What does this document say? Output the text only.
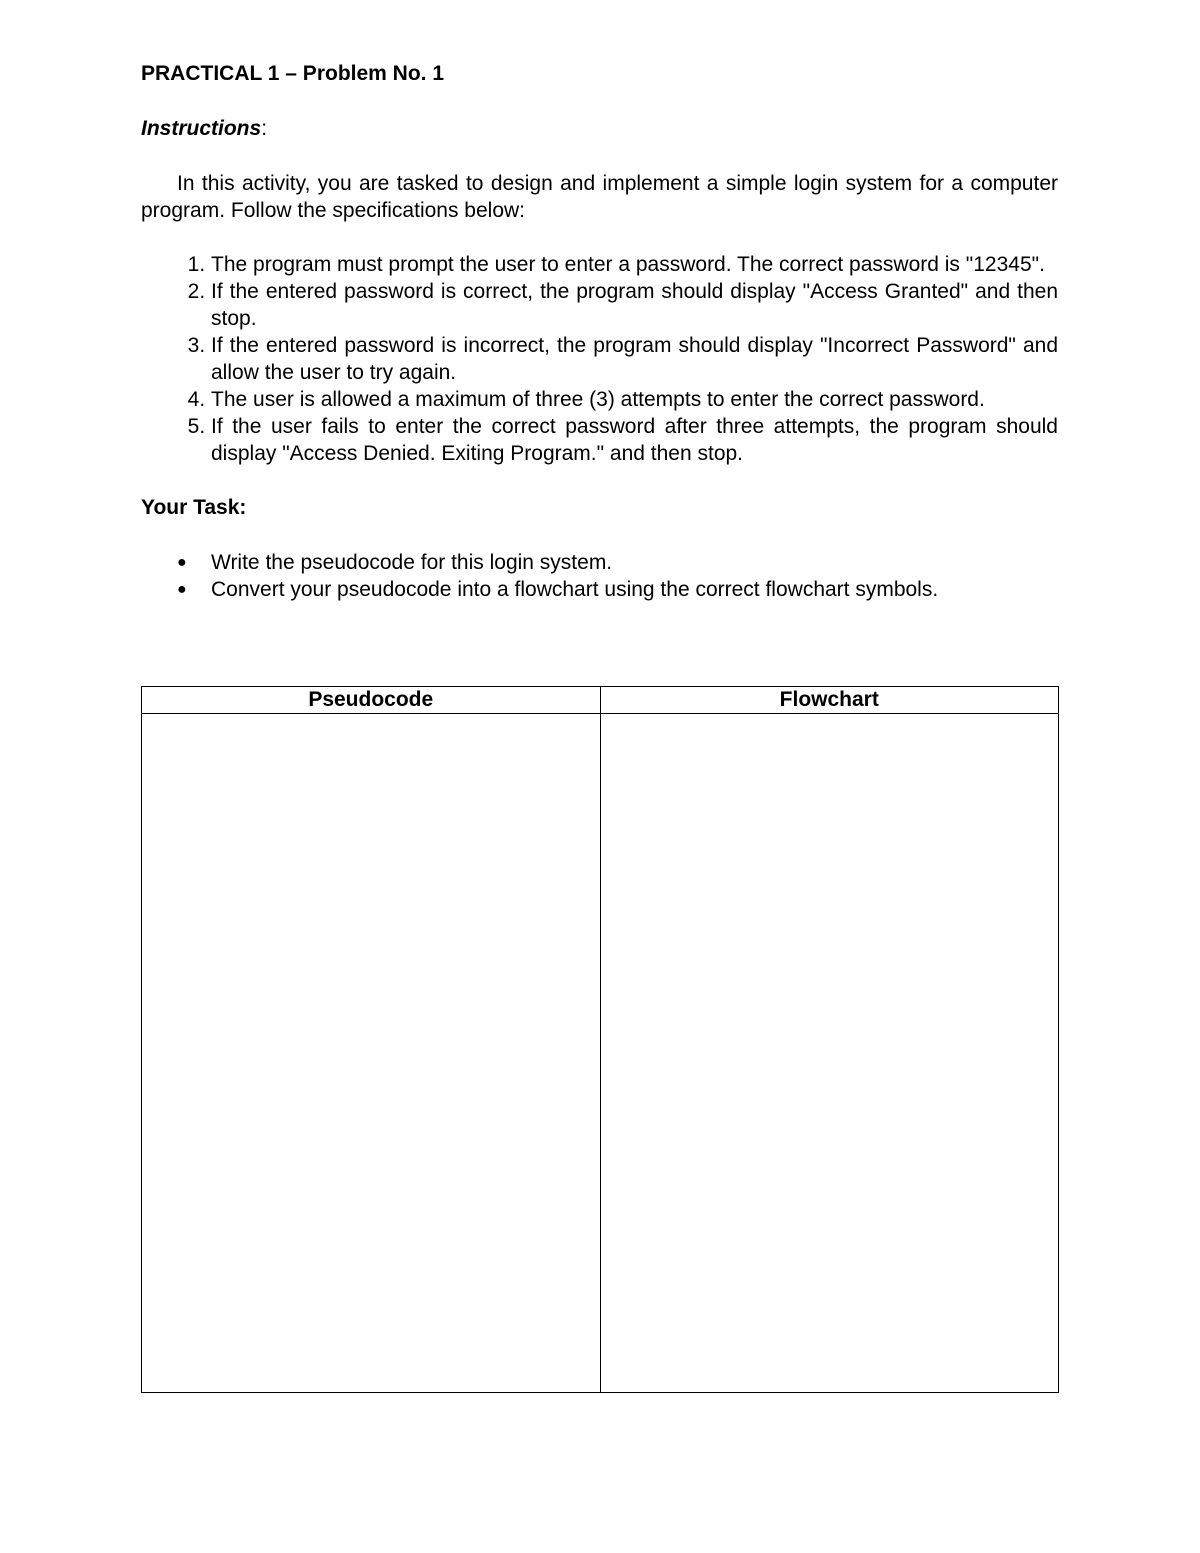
PRACTICAL 1 – Problem No. 1

Instructions:

In this activity, you are tasked to design and implement a simple login system for a computer program. Follow the specifications below:

1. The program must prompt the user to enter a password. The correct password is "12345".
2. If the entered password is correct, the program should display "Access Granted" and then stop.
3. If the entered password is incorrect, the program should display "Incorrect Password" and allow the user to try again.
4. The user is allowed a maximum of three (3) attempts to enter the correct password.
5. If the user fails to enter the correct password after three attempts, the program should display "Access Denied. Exiting Program." and then stop.

Your Task:

● Write the pseudocode for this login system.
● Convert your pseudocode into a flowchart using the correct flowchart symbols.
Pseudocode	Flowchart
